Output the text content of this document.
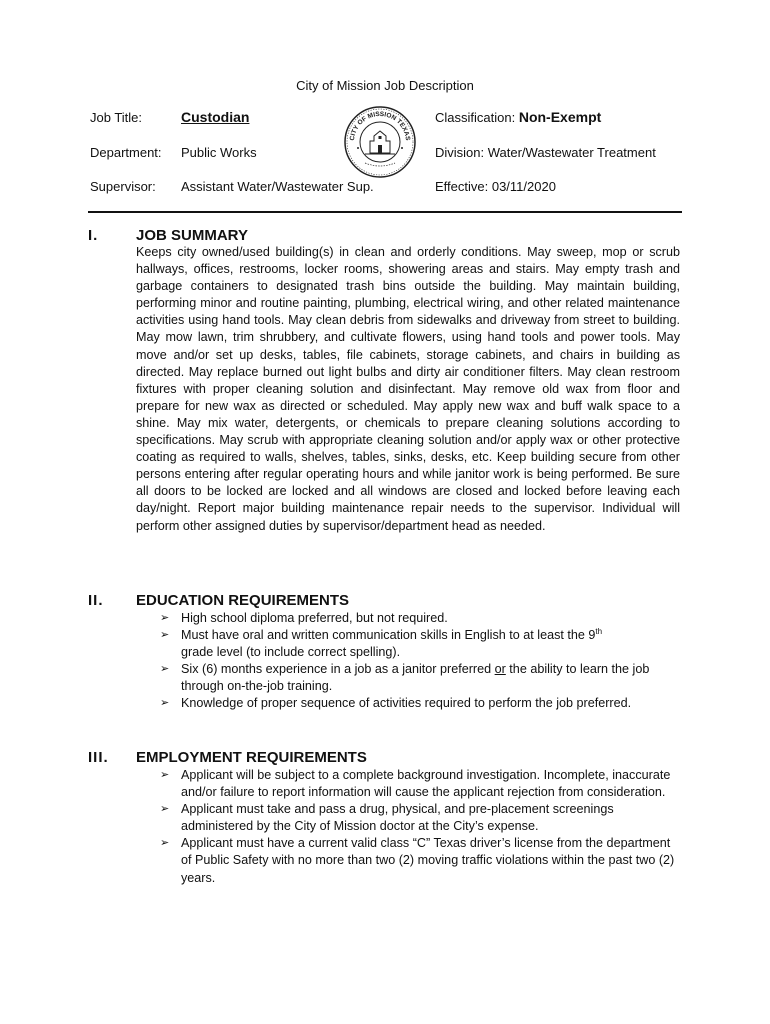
City of Mission Job Description
Job Title:	Custodian	Classification: Non-Exempt
Department: Public Works	Division: Water/Wastewater Treatment
Supervisor: Assistant Water/Wastewater Sup.	Effective: 03/11/2020
CITY OF MISSION TEXAS
I.	JOB SUMMARY
Keeps city owned/used building(s) in clean and orderly conditions. May sweep, mop or scrub hallways, offices, restrooms, locker rooms, showering areas and stairs. May empty trash and garbage containers to designated trash bins outside the building. May maintain building, performing minor and routine painting, plumbing, electrical wiring, and other related maintenance activities using hand tools. May clean debris from sidewalks and driveway from street to building. May mow lawn, trim shrubbery, and cultivate flowers, using hand tools and power tools. May move and/or set up desks, tables, file cabinets, storage cabinets, and chairs in building as directed. May replace burned out light bulbs and dirty air conditioner filters. May clean restroom fixtures with proper cleaning solution and disinfectant. May remove old wax from floor and prepare for new wax as directed or scheduled. May apply new wax and buff walk space to a shine. May mix water, detergents, or chemicals to prepare cleaning solutions according to specifications. May scrub with appropriate cleaning solution and/or apply wax or other protective coating as required to walls, shelves, tables, sinks, desks, etc. Keep building secure from other persons entering after regular operating hours and while janitor work is being performed. Be sure all doors to be locked are locked and all windows are closed and locked before leaving each day/night. Report major building maintenance repair needs to the supervisor. Individual will perform other assigned duties by supervisor/department head as needed.
II. EDUCATION REQUIREMENTS
➢ High school diploma preferred, but not required.
➢ Must have oral and written communication skills in English to at least the 9th
grade level (to include correct spelling).
➢ Six (6) months experience in a job as a janitor preferred or the ability to learn the job through on-the-job training.
➢ Knowledge of proper sequence of activities required to perform the job preferred.
III. EMPLOYMENT REQUIREMENTS
➢ Applicant will be subject to a complete background investigation. Incomplete, inaccurate and/or failure to report information will cause the applicant rejection from consideration.
➢ Applicant must take and pass a drug, physical, and pre-placement screenings administered by the City of Mission doctor at the City’s expense.
➢ Applicant must have a current valid class “C” Texas driver’s license from the department of Public Safety with no more than two (2) moving traffic violations within the past two (2) years.
